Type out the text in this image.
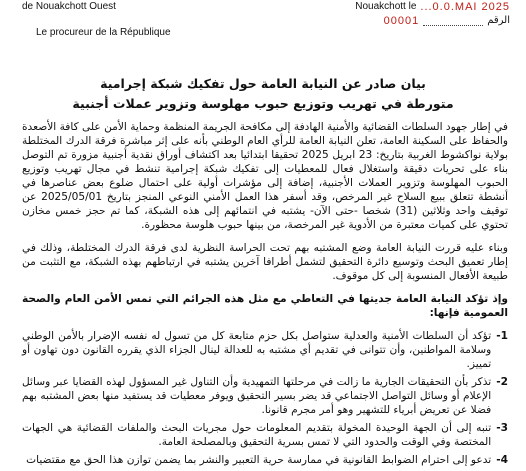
de Nouakchott Ouest
Le procureur de la République
Nouakchott le ...0.0.MAI 2025
الرقم
00001
بيان صادر عن النيابة العامة حول تفكيك شبكة إجرامية
متورطة في تهريب وتوزيع حبوب مهلوسة وتزوير عملات أجنبية

في إطار جهود السلطات القضائية والأمنية الهادفة إلى مكافحة الجريمة المنظمة وحماية الأمن على كافة الأصعدة والحفاظ على السكينة العامة، تعلن النيابة العامة للرأي العام الوطني بأنه على إثر مباشرة فرقة الدرك المختلطة بولاية نواكشوط الغربية بتاريخ: 23 ابريل 2025 تحقيقا ابتدائيا بعد اكتشاف أوراق نقدية أجنبية مزورة تم التوصل بناء على تحريات دقيقة واستغلال فعال للمعطيات إلى تفكيك شبكة إجرامية تنشط في مجال تهريب وتوزيع الحبوب المهلوسة وتزوير العملات الأجنبية، إضافة إلى مؤشرات أولية على احتمال ضلوع بعض عناصرها في أنشطة تتعلق ببيع السلاح غير المرخص، وقد أسفر هذا العمل الأمني النوعي المنجز بتاريخ 2025/05/01 عن توقيف واحد وثلاثين (31) شخصا -حتى الآن- يشتبه في انتمائهم إلى هذه الشبكة، كما تم حجز خمس مخازن تحتوي على كميات معتبرة من الأدوية غير المرخصة، من بينها حبوب هلوسة محظورة.

وبناء عليه قررت النيابة العامة وضع المشتبه بهم تحت الحراسة النظرية لدى فرقة الدرك المختلطة، وذلك في إطار تعميق البحث وتوسيع دائرة التحقيق لتشمل أطرافا آخرين يشتبه في ارتباطهم بهذه الشبكة، مع التثبت من طبيعة الأفعال المنسوبة إلى كل موقوف.

وإذ تؤكد النيابة العامة جديتها في التعاطي مع مثل هذه الجرائم التي تمس الأمن العام والصحة العمومية فإنها:

1-
تؤكد أن السلطات الأمنية والعدلية ستواصل بكل حزم متابعة كل من تسول له نفسه الإضرار بالأمن الوطني وسلامة المواطنين، وأن تتوانى في تقديم أي مشتبه به للعدالة لينال الجزاء الذي يقرره القانون دون تهاون أو تمييز.
2-
تذكر بأن التحقيقات الجارية ما زالت في مرحلتها التمهيدية وأن التناول غير المسؤول لهذه القضايا عبر وسائل الإعلام أو وسائل التواصل الاجتماعي قد يضر بسير التحقيق ويوفر معطيات قد يستفيد منها بعض المشتبه بهم فضلا عن تعريض أبرياء للتشهير وهو أمر مجرم قانونا.
3-
تنبه إلى أن الجهة الوحيدة المخولة بتقديم المعلومات حول مجريات البحث والملفات القضائية هي الجهات المختصة وفي الوقت والحدود التي لا تمس بسرية التحقيق وبالمصلحة العامة.
4-
تدعو إلى احترام الضوابط القانونية في ممارسة حرية التعبير والنشر بما يضمن توازن هذا الحق مع مقتضيات
